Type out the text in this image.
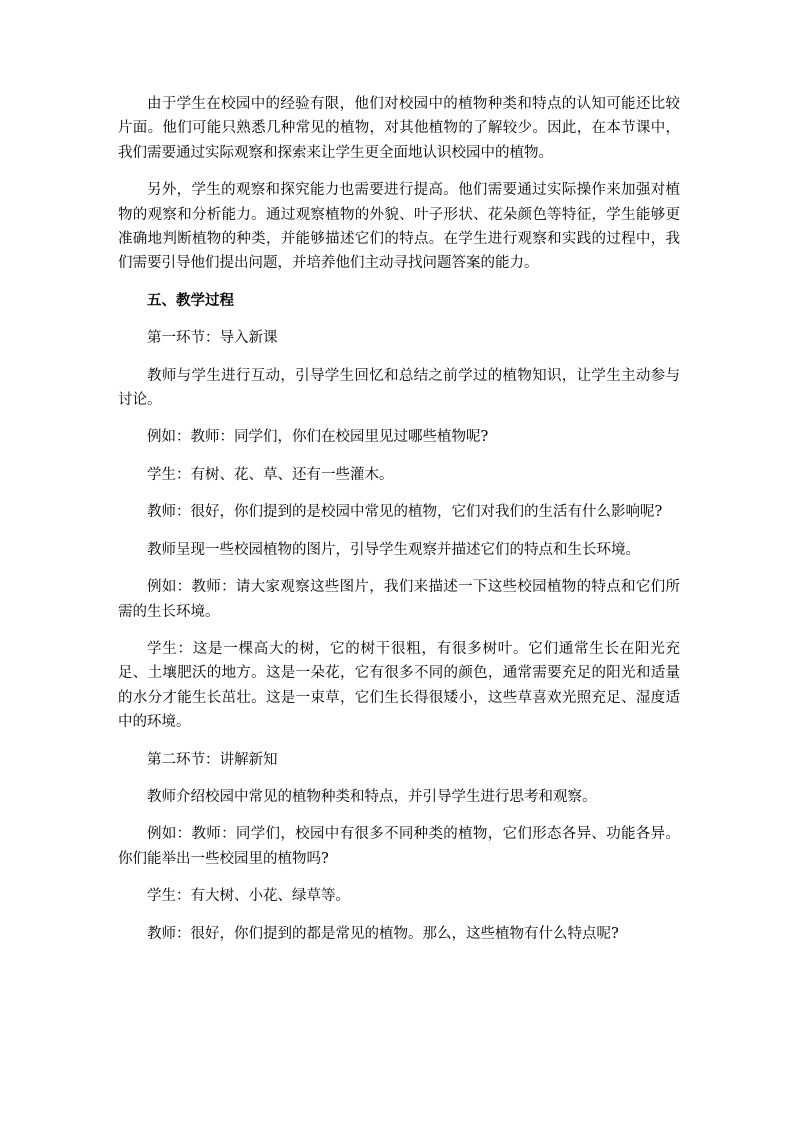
由于学生在校园中的经验有限，他们对校园中的植物种类和特点的认知可能还比较片面。他们可能只熟悉几种常见的植物，对其他植物的了解较少。因此，在本节课中，我们需要通过实际观察和探索来让学生更全面地认识校园中的植物。

另外，学生的观察和探究能力也需要进行提高。他们需要通过实际操作来加强对植物的观察和分析能力。通过观察植物的外貌、叶子形状、花朵颜色等特征，学生能够更准确地判断植物的种类，并能够描述它们的特点。在学生进行观察和实践的过程中，我们需要引导他们提出问题，并培养他们主动寻找问题答案的能力。

五、教学过程

第一环节：导入新课

教师与学生进行互动，引导学生回忆和总结之前学过的植物知识，让学生主动参与讨论。

例如：教师：同学们，你们在校园里见过哪些植物呢?

学生：有树、花、草、还有一些灌木。

教师：很好，你们提到的是校园中常见的植物，它们对我们的生活有什么影响呢?

教师呈现一些校园植物的图片，引导学生观察并描述它们的特点和生长环境。

例如：教师：请大家观察这些图片，我们来描述一下这些校园植物的特点和它们所需的生长环境。

学生：这是一棵高大的树，它的树干很粗，有很多树叶。它们通常生长在阳光充足、土壤肥沃的地方。这是一朵花，它有很多不同的颜色，通常需要充足的阳光和适量的水分才能生长茁壮。这是一束草，它们生长得很矮小，这些草喜欢光照充足、湿度适中的环境。

第二环节：讲解新知

教师介绍校园中常见的植物种类和特点，并引导学生进行思考和观察。

例如：教师：同学们，校园中有很多不同种类的植物，它们形态各异、功能各异。你们能举出一些校园里的植物吗?

学生：有大树、小花、绿草等。

教师：很好，你们提到的都是常见的植物。那么，这些植物有什么特点呢?
